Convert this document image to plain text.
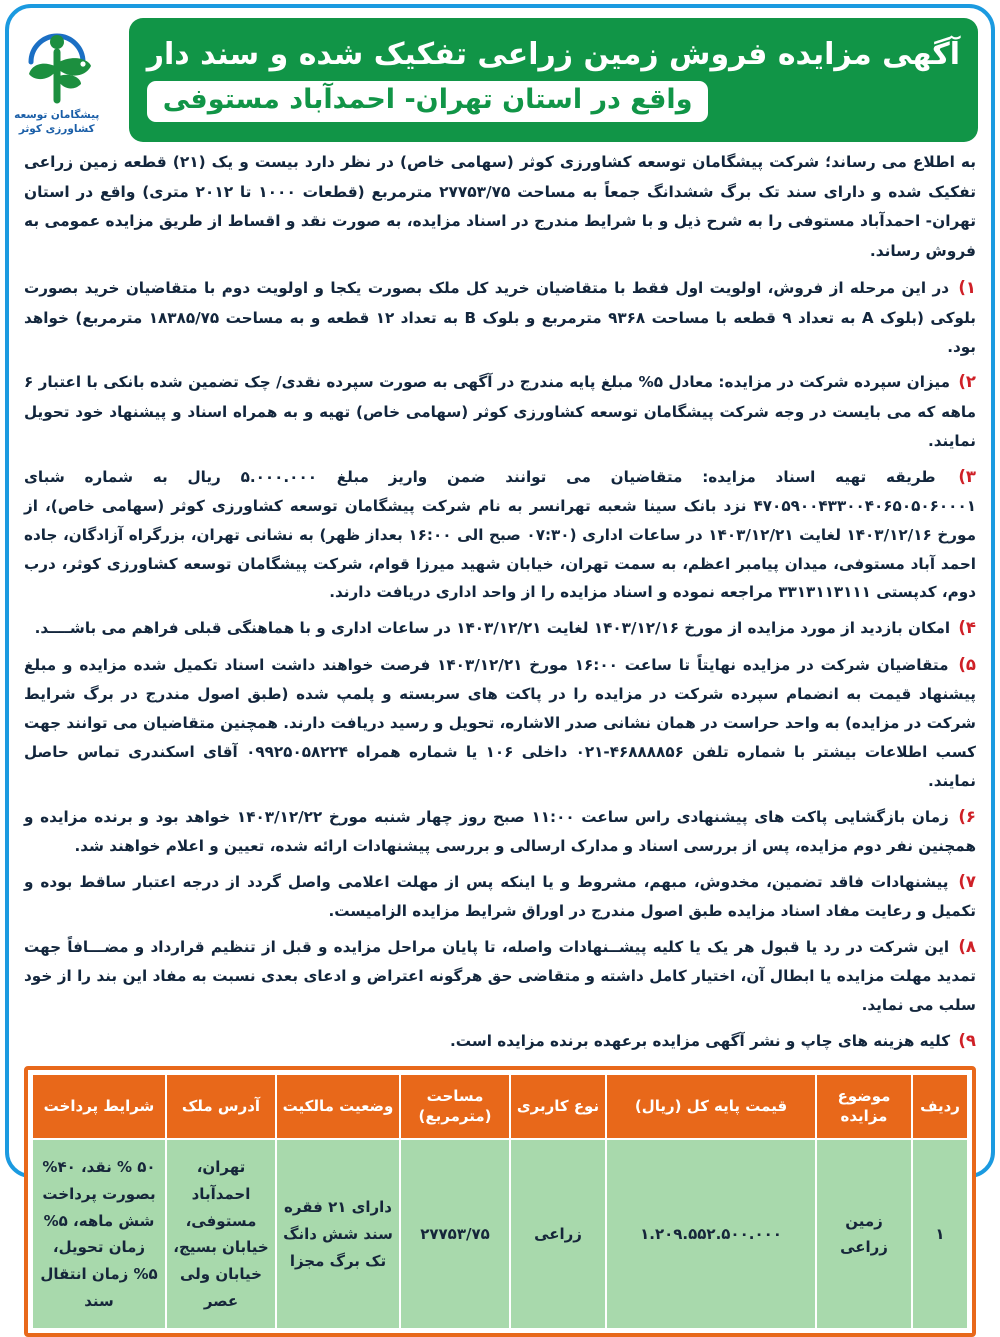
آگهی مزایده فروش زمین زراعی تفکیک شده و سند دار
واقع در استان تهران- احمدآباد مستوفی
پیشگامان توسعه
کشاورزی کوثر

به اطلاع می رساند؛ شرکت پیشگامان توسعه کشاورزی کوثر (سهامی خاص) در نظر دارد بیست و یک (۲۱) قطعه زمین زراعی تفکیک شده و دارای سند تک برگ ششدانگ جمعاً به مساحت ۲۷۷۵۳/۷۵ مترمربع (قطعات ۱۰۰۰ تا ۲۰۱۲ متری) واقع در استان تهران- احمدآباد مستوفی را به شرح ذیل و با شرایط مندرج در اسناد مزایده، به صورت نقد و اقساط از طریق مزایده عمومی به فروش رساند.

۱) در این مرحله از فروش، اولویت اول فقط با متقاضیان خرید کل ملک بصورت یکجا و اولویت دوم با متقاضیان خرید بصورت بلوکی (بلوک A به تعداد ۹ قطعه با مساحت ۹۳۶۸ مترمربع و بلوک B به تعداد ۱۲ قطعه و به مساحت ۱۸۳۸۵/۷۵ مترمربع) خواهد بود.

۲) میزان سپرده شرکت در مزایده: معادل ۵% مبلغ پایه مندرج در آگهی به صورت سپرده نقدی/ چک تضمین شده بانکی با اعتبار ۶ ماهه که می بایست در وجه شرکت پیشگامان توسعه کشاورزی کوثر (سهامی خاص) تهیه و به همراه اسناد و پیشنهاد خود تحویل نمایند.

۳) طریقه تهیه اسناد مزایده: متقاضیان می توانند ضمن واریز مبلغ ۵.۰۰۰.۰۰۰ ریال به شماره شبای ۴۷۰۵۹۰۰۴۳۳۰۰۴۰۶۵۰۵۰۶۰۰۰۱ نزد بانک سینا شعبه تهرانسر به نام شرکت پیشگامان توسعه کشاورزی کوثر (سهامی خاص)، از مورخ ۱۴۰۳/۱۲/۱۶ لغایت ۱۴۰۳/۱۲/۲۱ در ساعات اداری (۰۷:۳۰ صبح الی ۱۶:۰۰ بعداز ظهر) به نشانی تهران، بزرگراه آزادگان، جاده احمد آباد مستوفی، میدان پیامبر اعظم، به سمت تهران، خیابان شهید میرزا قوام، شرکت پیشگامان توسعه کشاورزی کوثر، درب دوم، کدپستی ۳۳۱۳۱۱۳۱۱۱ مراجعه نموده و اسناد مزایده را از واحد اداری دریافت دارند.

۴) امکان بازدید از مورد مزایده از مورخ ۱۴۰۳/۱۲/۱۶ لغایت ۱۴۰۳/۱۲/۲۱ در ساعات اداری و با هماهنگی قبلی فراهم می باشــــد.

۵) متقاضیان شرکت در مزایده نهایتاً تا ساعت ۱۶:۰۰ مورخ ۱۴۰۳/۱۲/۲۱ فرصت خواهند داشت اسناد تکمیل شده مزایده و مبلغ پیشنهاد قیمت به انضمام سپرده شرکت در مزایده را در پاکت های سربسته و پلمپ شده (طبق اصول مندرج در برگ شرایط شرکت در مزایده) به واحد حراست در همان نشانی صدر الاشاره، تحویل و رسید دریافت دارند. همچنین متقاضیان می توانند جهت کسب اطلاعات بیشتر با شماره تلفن ۴۶۸۸۸۸۵۶-۰۲۱ داخلی ۱۰۶ یا شماره همراه ۰۹۹۲۵۰۵۸۲۲۴ آقای اسکندری تماس حاصل نمایند.

۶) زمان بازگشایی پاکت های پیشنهادی راس ساعت ۱۱:۰۰ صبح روز چهار شنبه مورخ ۱۴۰۳/۱۲/۲۲ خواهد بود و برنده مزایده و همچنین نفر دوم مزایده، پس از بررسی اسناد و مدارک ارسالی و بررسی پیشنهادات ارائه شده، تعیین و اعلام خواهند شد.

۷) پیشنهادات فاقد تضمین، مخدوش، مبهم، مشروط و یا اینکه پس از مهلت اعلامی واصل گردد از درجه اعتبار ساقط بوده و تکمیل و رعایت مفاد اسناد مزایده طبق اصول مندرج در اوراق شرایط مزایده الزامیست.

۸) این شرکت در رد یا قبول هر یک یا کلیه پیشــنهادات واصله، تا پایان مراحل مزایده و قبل از تنظیم قرارداد و مضـــافاً جهت تمدید مهلت مزایده یا ابطال آن، اختیار کامل داشته و متقاضی حق هرگونه اعتراض و ادعای بعدی نسبت به مفاد این بند را از خود سلب می نماید.

۹) کلیه هزینه های چاپ و نشر آگهی مزایده برعهده برنده مزایده است.

ردیف	موضوع مزایده	قیمت پایه کل (ریال)	نوع کاربری	مساحت (مترمربع)	وضعیت مالکیت	آدرس ملک	شرایط پرداخت
۱	زمین زراعی	۱.۲۰۹.۵۵۲.۵۰۰.۰۰۰	زراعی	۲۷۷۵۳/۷۵	دارای ۲۱ فقره سند شش دانگ تک برگ مجزا	تهران، احمدآباد مستوفی، خیابان بسیج، خیابان ولی عصر	۵۰ % نقد، ۴۰% بصورت پرداخت شش ماهه، ۵% زمان تحویل، ۵% زمان انتقال سند
